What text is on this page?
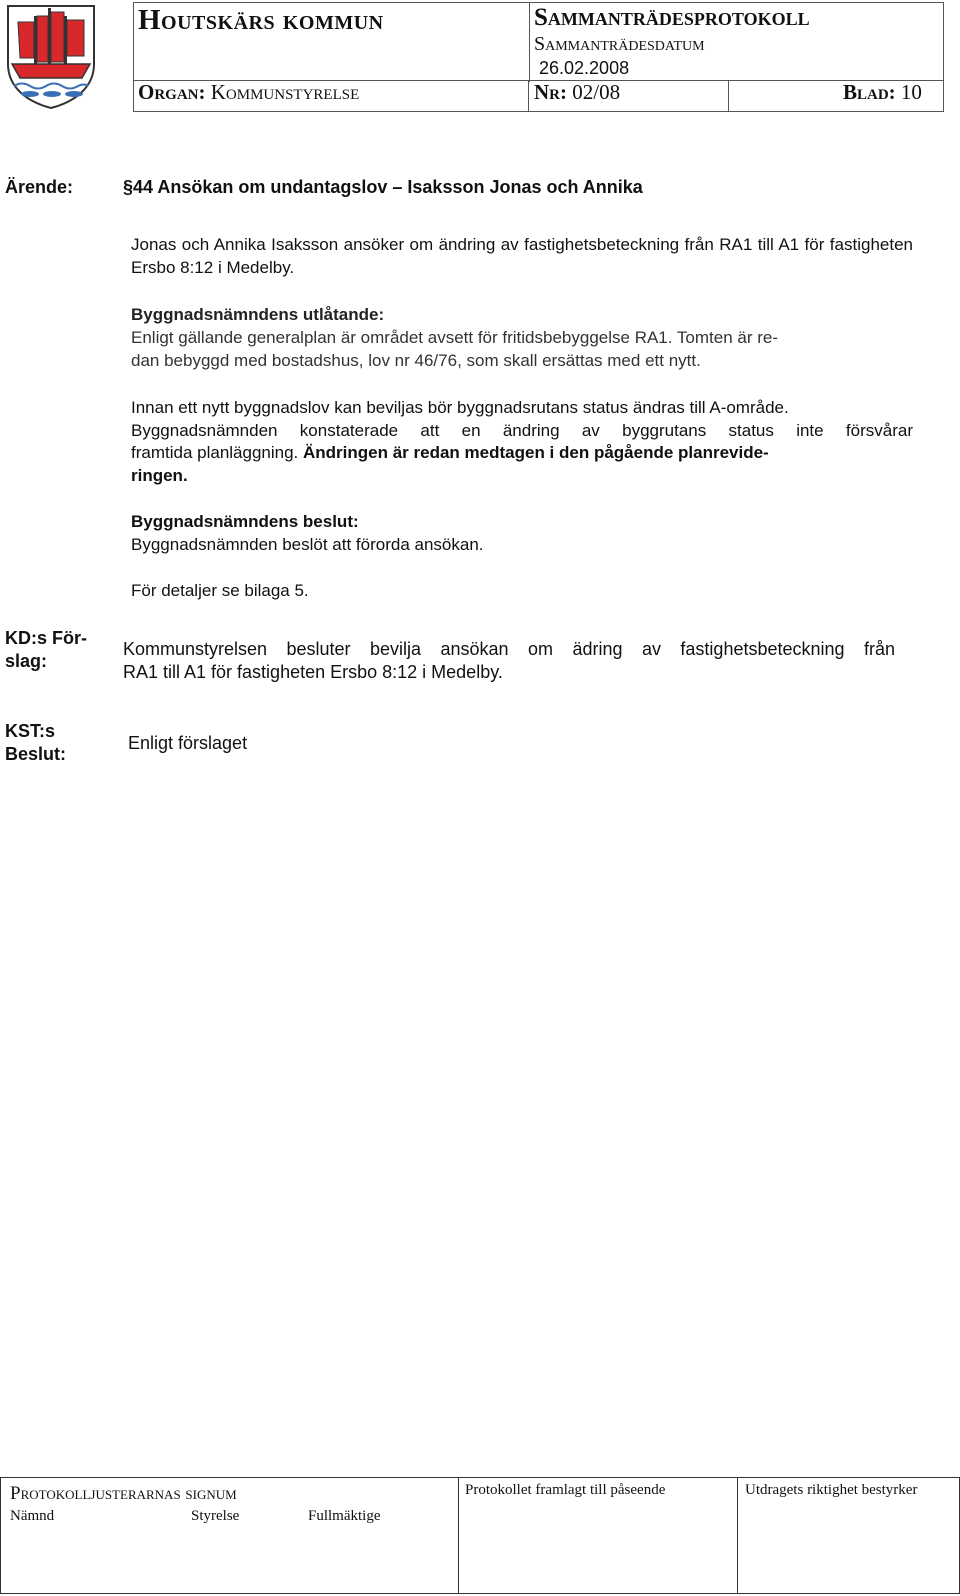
Houtskärs kommun	Sammanträdesprotokoll
Sammanträdesdatum
26.02.2008
Organ: Kommunstyrelse	Nr: 02/08	Blad: 10
Ärende:	§44 Ansökan om undantagslov – Isaksson Jonas och Annika
Jonas och Annika Isaksson ansöker om ändring av fastighetsbeteckning från RA1 till A1 för fastigheten Ersbo 8:12 i Medelby.
Byggnadsnämndens utlåtande:
Enligt gällande generalplan är området avsett för fritidsbebyggelse RA1. Tomten är re-
dan bebyggd med bostadshus, lov nr 46/76, som skall ersättas med ett nytt.
Innan ett nytt byggnadslov kan beviljas bör byggnadsrutans status ändras till A-område.
Byggnadsnämnden konstaterade att en ändring av byggrutans status inte försvårar
framtida planläggning. Ändringen är redan medtagen i den pågående planrevide-
ringen.
Byggnadsnämndens beslut:
Byggnadsnämnden beslöt att förorda ansökan.
För detaljer se bilaga 5.
KD:s För-
slag:
Kommunstyrelsen besluter bevilja ansökan om ädring av fastighetsbeteckning från
RA1 till A1 för fastigheten Ersbo 8:12 i Medelby.
KST:s
Beslut:
Enligt förslaget
Protokolljusterarnas signum
Nämnd	Styrelse	Fullmäktige
Protokollet framlagt till påseende	Utdragets riktighet bestyrker
